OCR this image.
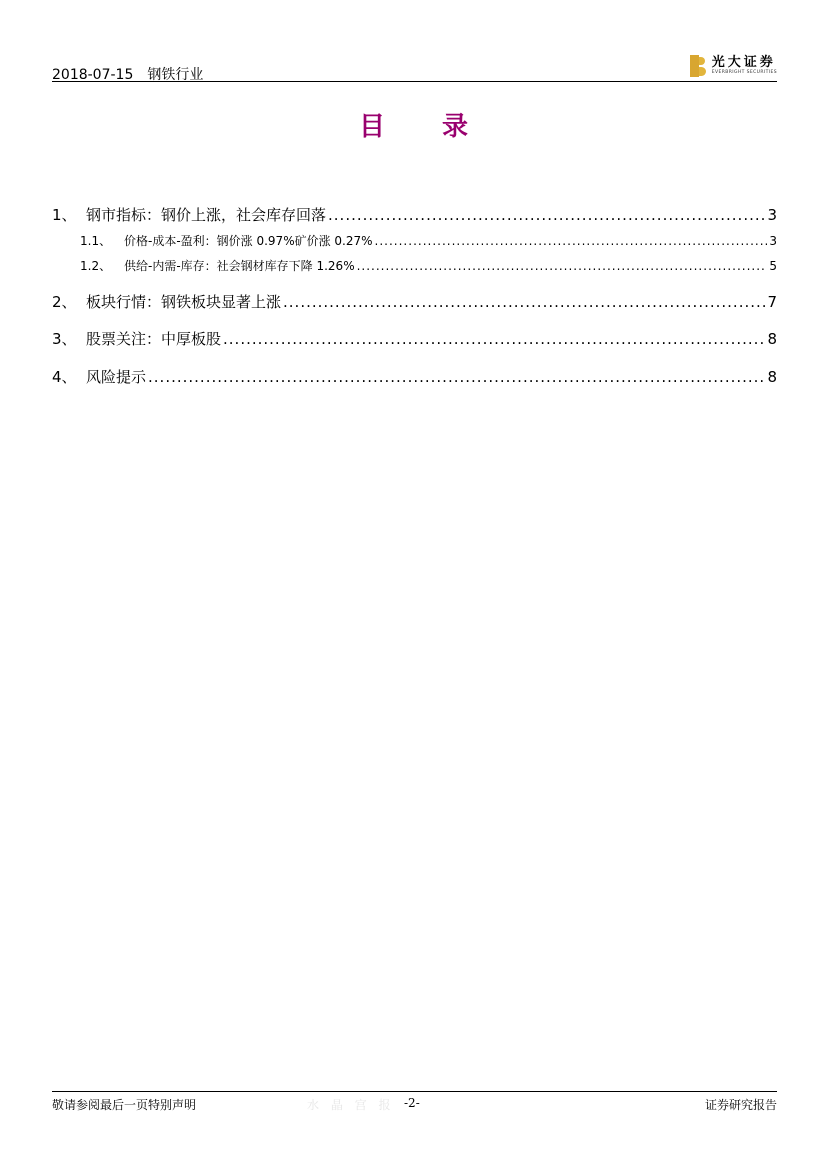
2018-07-15 钢铁行业
光大证券
EVERBRIGHT SECURITIES
目 录
1、 钢市指标：钢价上涨，社会库存回落 .....	3
1.1、	价格-成本-盈利：钢价涨 0.97%矿价涨 0.27% .....	3
1.2、	供给-内需-库存：社会钢材库存下降 1.26% .....	5
2、 板块行情：钢铁板块显著上涨 .....	7
3、 股票关注：中厚板股 .....	8
4、 风险提示 .....	8
敬请参阅最后一页特别声明	水 晶 宫 报 -2-	证券研究报告
